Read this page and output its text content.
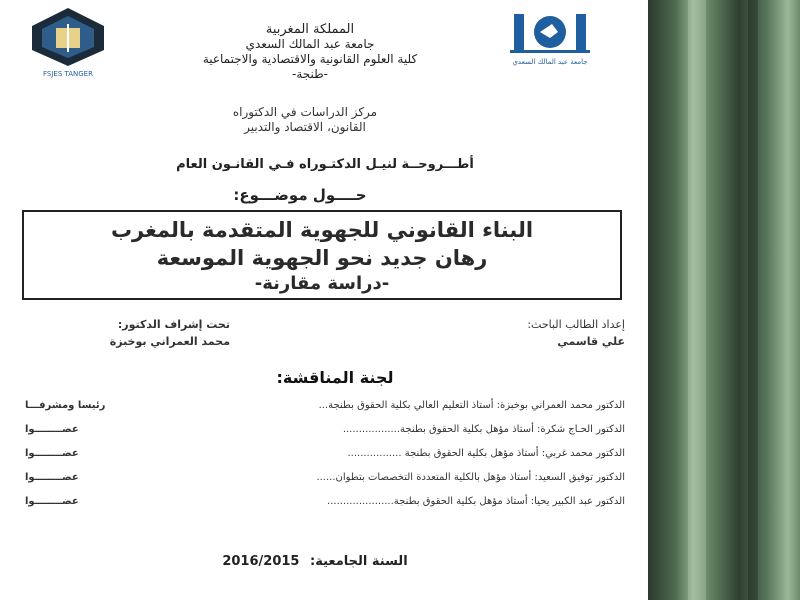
FSJES TANGER
جامعة عبد المالك السعدي
المملكة المغربية
جامعة عبد المالك السعدي
كلية العلوم القانونية والاقتصادية والاجتماعية
-طنجة-
مركز الدراسات في الدكتوراه
القانون، الاقتصاد والتدبير
أطـــروحــة لنيـل الدكتـوراه فـي القانـون العام
حــــول موضـــوع:
البناء القانوني للجهوية المتقدمة بالمغرب
رهان جديد نحو الجهوية الموسعة
-دراسة مقارنة-
تحت إشراف الدكتور:
محمد العمراني بوخبزة
إعداد الطالب الباحث:
علي قاسمي
لجنة المناقشة:
الدكتور محمد العمراني بوخبزة: أستاذ التعليم العالي بكلية الحقوق بطنجة...
رئيسا ومشرفـــا
الدكتور الحـاج شكرة: أستاذ مؤهل بكلية الحقوق بطنجة..................
عضــــــــوا
الدكتور محمد غربي: أستاذ مؤهل بكلية الحقوق بطنجة .................
عضــــــــوا
الدكتور توفيق السعيد: أستاذ مؤهل بالكلية المتعددة التخصصات بتطوان......
عضــــــــوا
الدكتور عبد الكبير يحيا: أستاذ مؤهل بكلية الحقوق بطنجة.....................
عضــــــــوا
السنة الجامعية: 2016/2015
